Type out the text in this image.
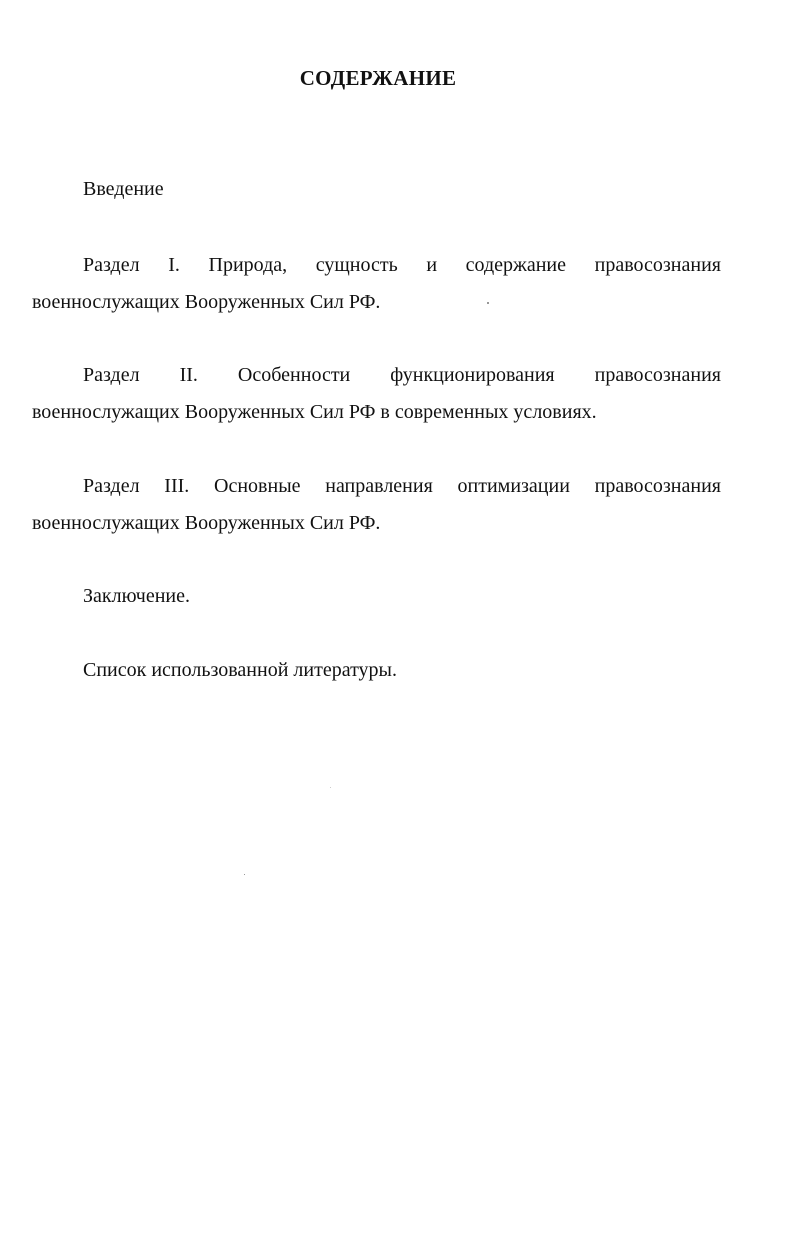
СОДЕРЖАНИЕ

Введение

Раздел I. Природа, сущность и содержание правосознания
военнослужащих Вооруженных Сил РФ.

Раздел II. Особенности функционирования правосознания
военнослужащих Вооруженных Сил РФ в современных условиях.

Раздел III. Основные направления оптимизации правосознания
военнослужащих Вооруженных Сил РФ.

Заключение.

Список использованной литературы.
